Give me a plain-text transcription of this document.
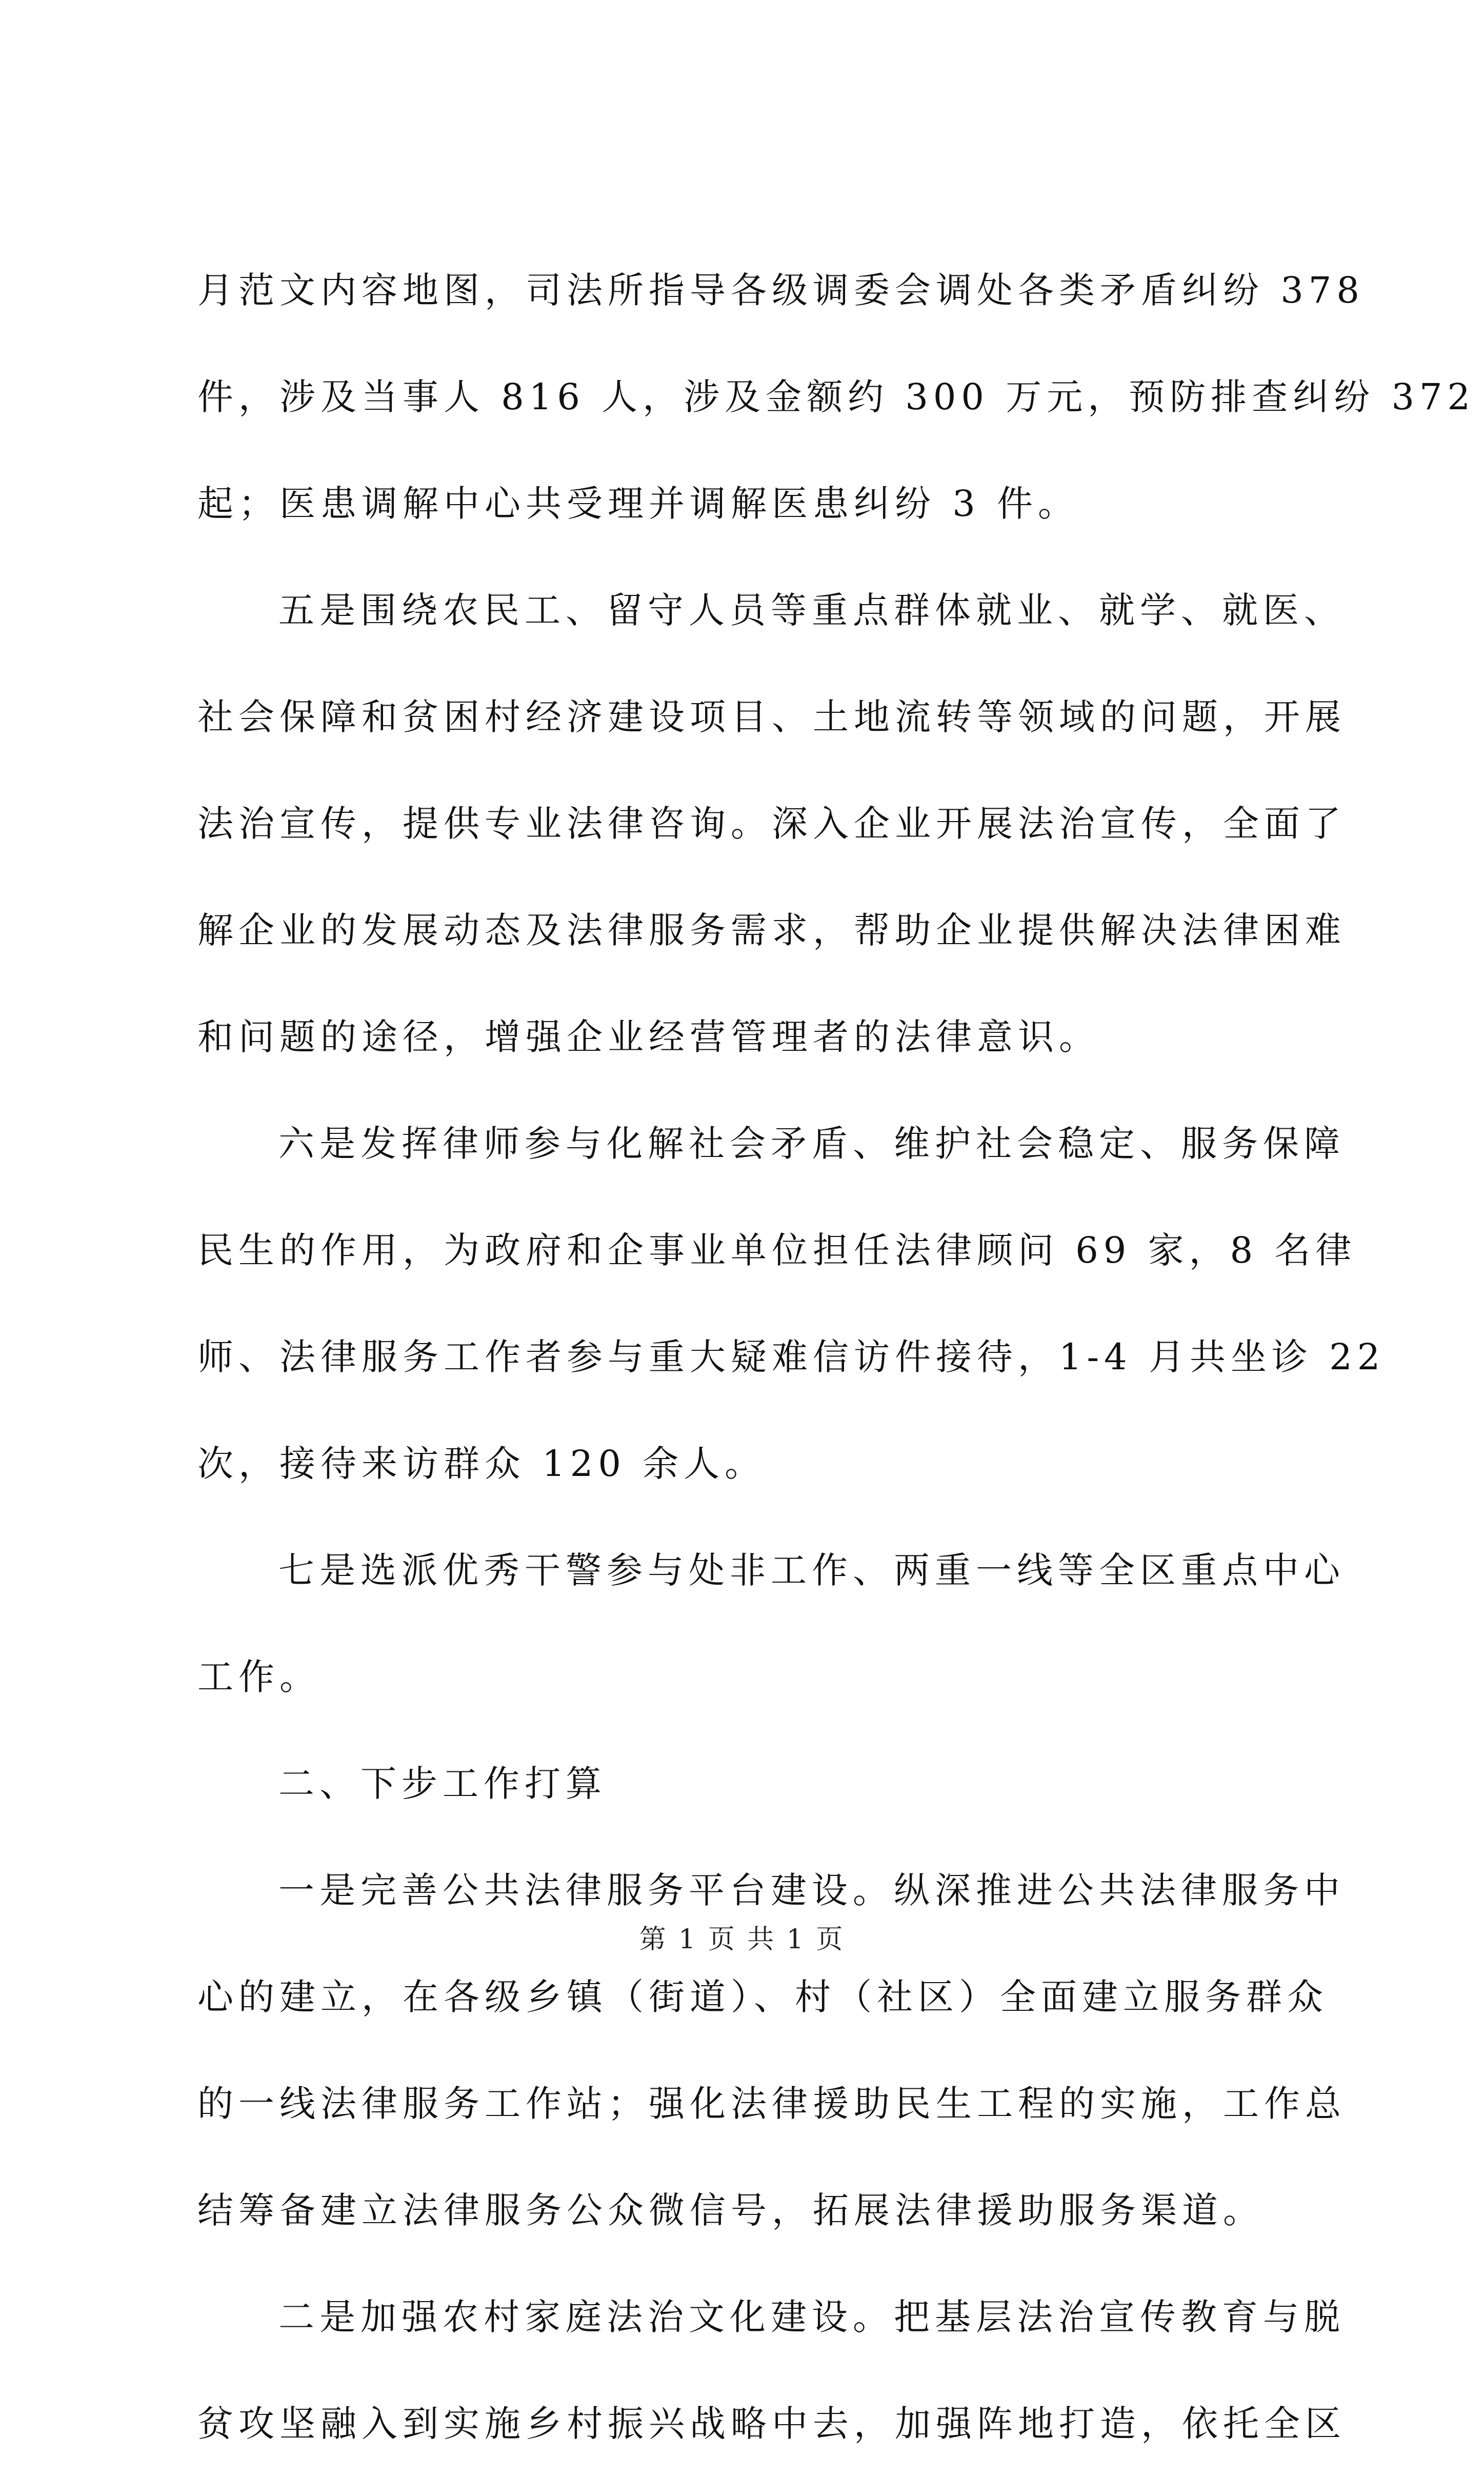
月范文内容地图，司法所指导各级调委会调处各类矛盾纠纷 378
件，涉及当事人 816 人，涉及金额约 300 万元，预防排查纠纷 372
起；医患调解中心共受理并调解医患纠纷 3 件。
五是围绕农民工、留守人员等重点群体就业、就学、就医、
社会保障和贫困村经济建设项目、土地流转等领域的问题，开展
法治宣传，提供专业法律咨询。深入企业开展法治宣传，全面了
解企业的发展动态及法律服务需求，帮助企业提供解决法律困难
和问题的途径，增强企业经营管理者的法律意识。
六是发挥律师参与化解社会矛盾、维护社会稳定、服务保障
民生的作用，为政府和企事业单位担任法律顾问 69 家，8 名律
师、法律服务工作者参与重大疑难信访件接待，1-4 月共坐诊 22
次，接待来访群众 120 余人。
七是选派优秀干警参与处非工作、两重一线等全区重点中心
工作。
二、下步工作打算
一是完善公共法律服务平台建设。纵深推进公共法律服务中
心的建立，在各级乡镇（街道）、村（社区）全面建立服务群众
的一线法律服务工作站；强化法律援助民生工程的实施，工作总
结筹备建立法律服务公众微信号，拓展法律援助服务渠道。
二是加强农村家庭法治文化建设。把基层法治宣传教育与脱
贫攻坚融入到实施乡村振兴战略中去，加强阵地打造，依托全区
第 1 页 共 1 页
